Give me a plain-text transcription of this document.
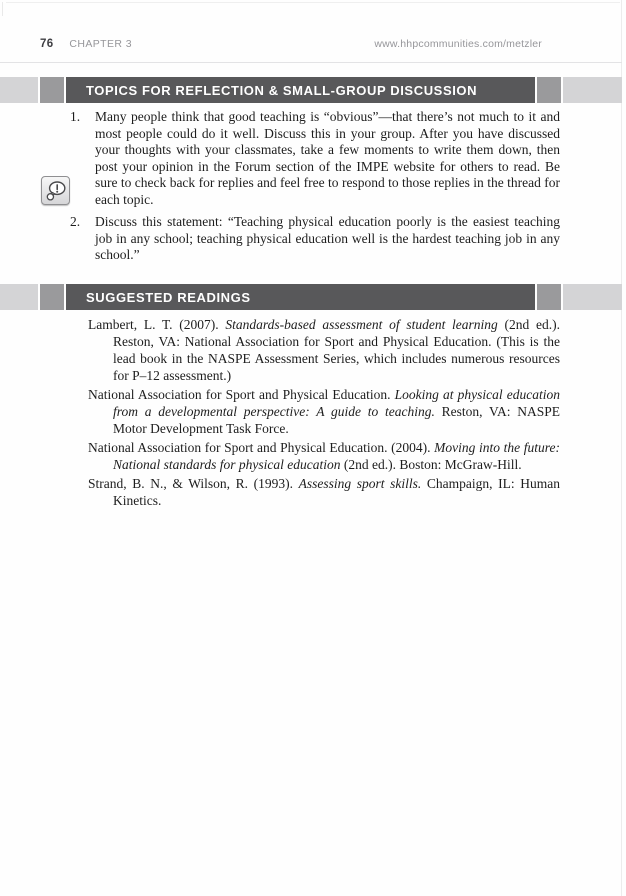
76 CHAPTER 3	www.hhpcommunities.com/metzler
TOPICS FOR REFLECTION & SMALL-GROUP DISCUSSION
1.	Many people think that good teaching is “obvious”—that there’s not much to it and most people could do it well. Discuss this in your group. After you have discussed your thoughts with your classmates, take a few moments to write them down, then post your opinion in the Forum section of the IMPE website for others to read. Be sure to check back for replies and feel free to respond to those replies in the thread for each topic.
2.	Discuss this statement: “Teaching physical education poorly is the easiest teaching job in any school; teaching physical education well is the hardest teaching job in any school.”
SUGGESTED READINGS

Lambert, L. T. (2007). Standards-based assessment of student learning (2nd ed.). Reston, VA: National Association for Sport and Physical Education. (This is the lead book in the NASPE Assessment Series, which includes numerous resources for P–12 assessment.)

National Association for Sport and Physical Education. Looking at physical education from a developmental perspective: A guide to teaching. Reston, VA: NASPE Motor Development Task Force.

National Association for Sport and Physical Education. (2004). Moving into the future: National standards for physical education (2nd ed.). Boston: McGraw-Hill.

Strand, B. N., & Wilson, R. (1993). Assessing sport skills. Champaign, IL: Human Kinetics.
